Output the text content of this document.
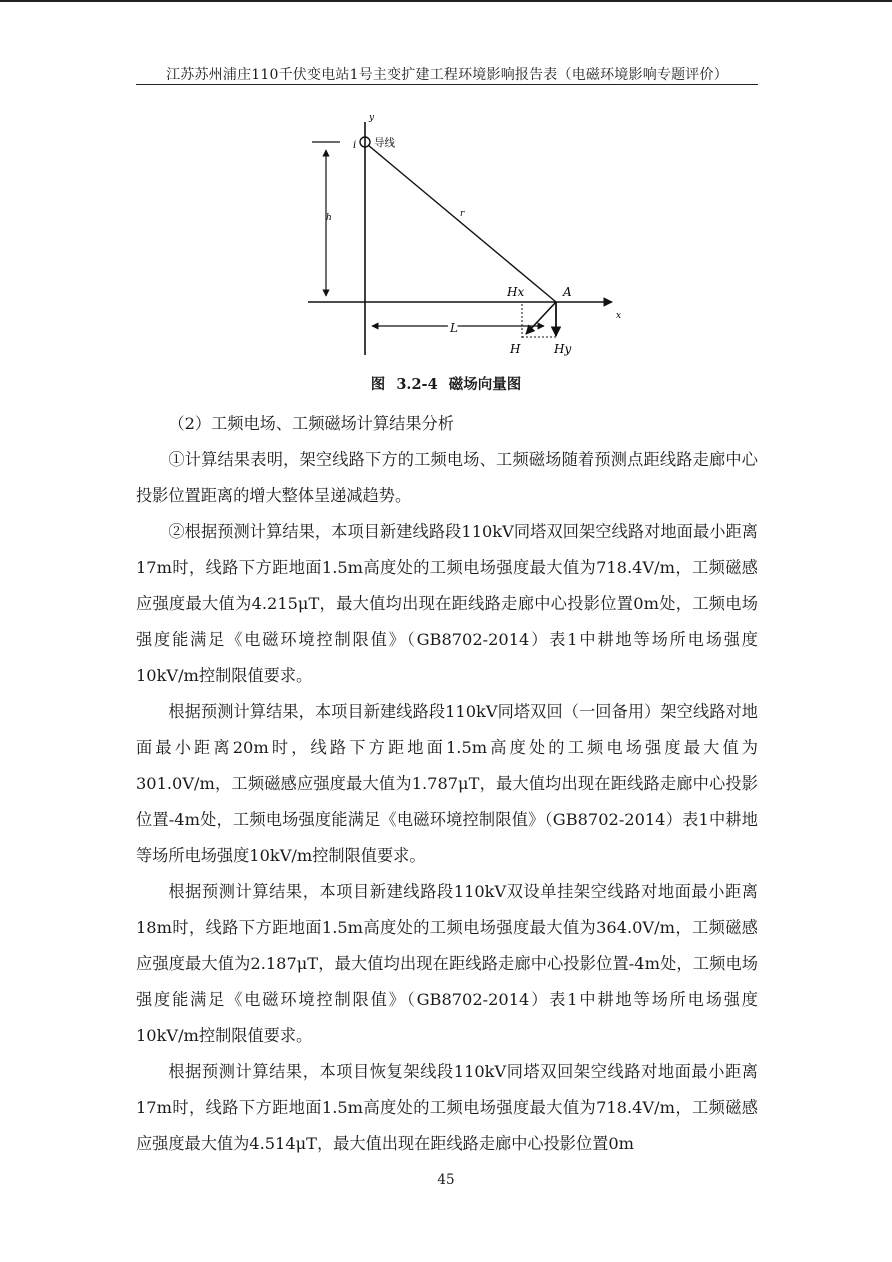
江苏苏州浦庄110千伏变电站1号主变扩建工程环境影响报告表（电磁环境影响专题评价）
y
x
i 导线
h	r
Hx	A
L
H	Hy
图 3.2-4 磁场向量图

（2）工频电场、工频磁场计算结果分析

①计算结果表明，架空线路下方的工频电场、工频磁场随着预测点距线路走廊中心投影位置距离的增大整体呈递减趋势。

②根据预测计算结果，本项目新建线路段110kV同塔双回架空线路对地面最小距离17m时，线路下方距地面1.5m高度处的工频电场强度最大值为718.4V/m，工频磁感应强度最大值为4.215μT，最大值均出现在距线路走廊中心投影位置0m处，工频电场强度能满足《电磁环境控制限值》（GB8702-2014）表1中耕地等场所电场强度10kV/m控制限值要求。

根据预测计算结果，本项目新建线路段110kV同塔双回（一回备用）架空线路对地面最小距离20m时，线路下方距地面1.5m高度处的工频电场强度最大值为301.0V/m，工频磁感应强度最大值为1.787μT，最大值均出现在距线路走廊中心投影位置-4m处，工频电场强度能满足《电磁环境控制限值》（GB8702-2014）表1中耕地等场所电场强度10kV/m控制限值要求。

根据预测计算结果，本项目新建线路段110kV双设单挂架空线路对地面最小距离18m时，线路下方距地面1.5m高度处的工频电场强度最大值为364.0V/m，工频磁感应强度最大值为2.187μT，最大值均出现在距线路走廊中心投影位置-4m处，工频电场强度能满足《电磁环境控制限值》（GB8702-2014）表1中耕地等场所电场强度10kV/m控制限值要求。

根据预测计算结果，本项目恢复架线段110kV同塔双回架空线路对地面最小距离17m时，线路下方距地面1.5m高度处的工频电场强度最大值为718.4V/m，工频磁感应强度最大值为4.514μT，最大值出现在距线路走廊中心投影位置0m

45
